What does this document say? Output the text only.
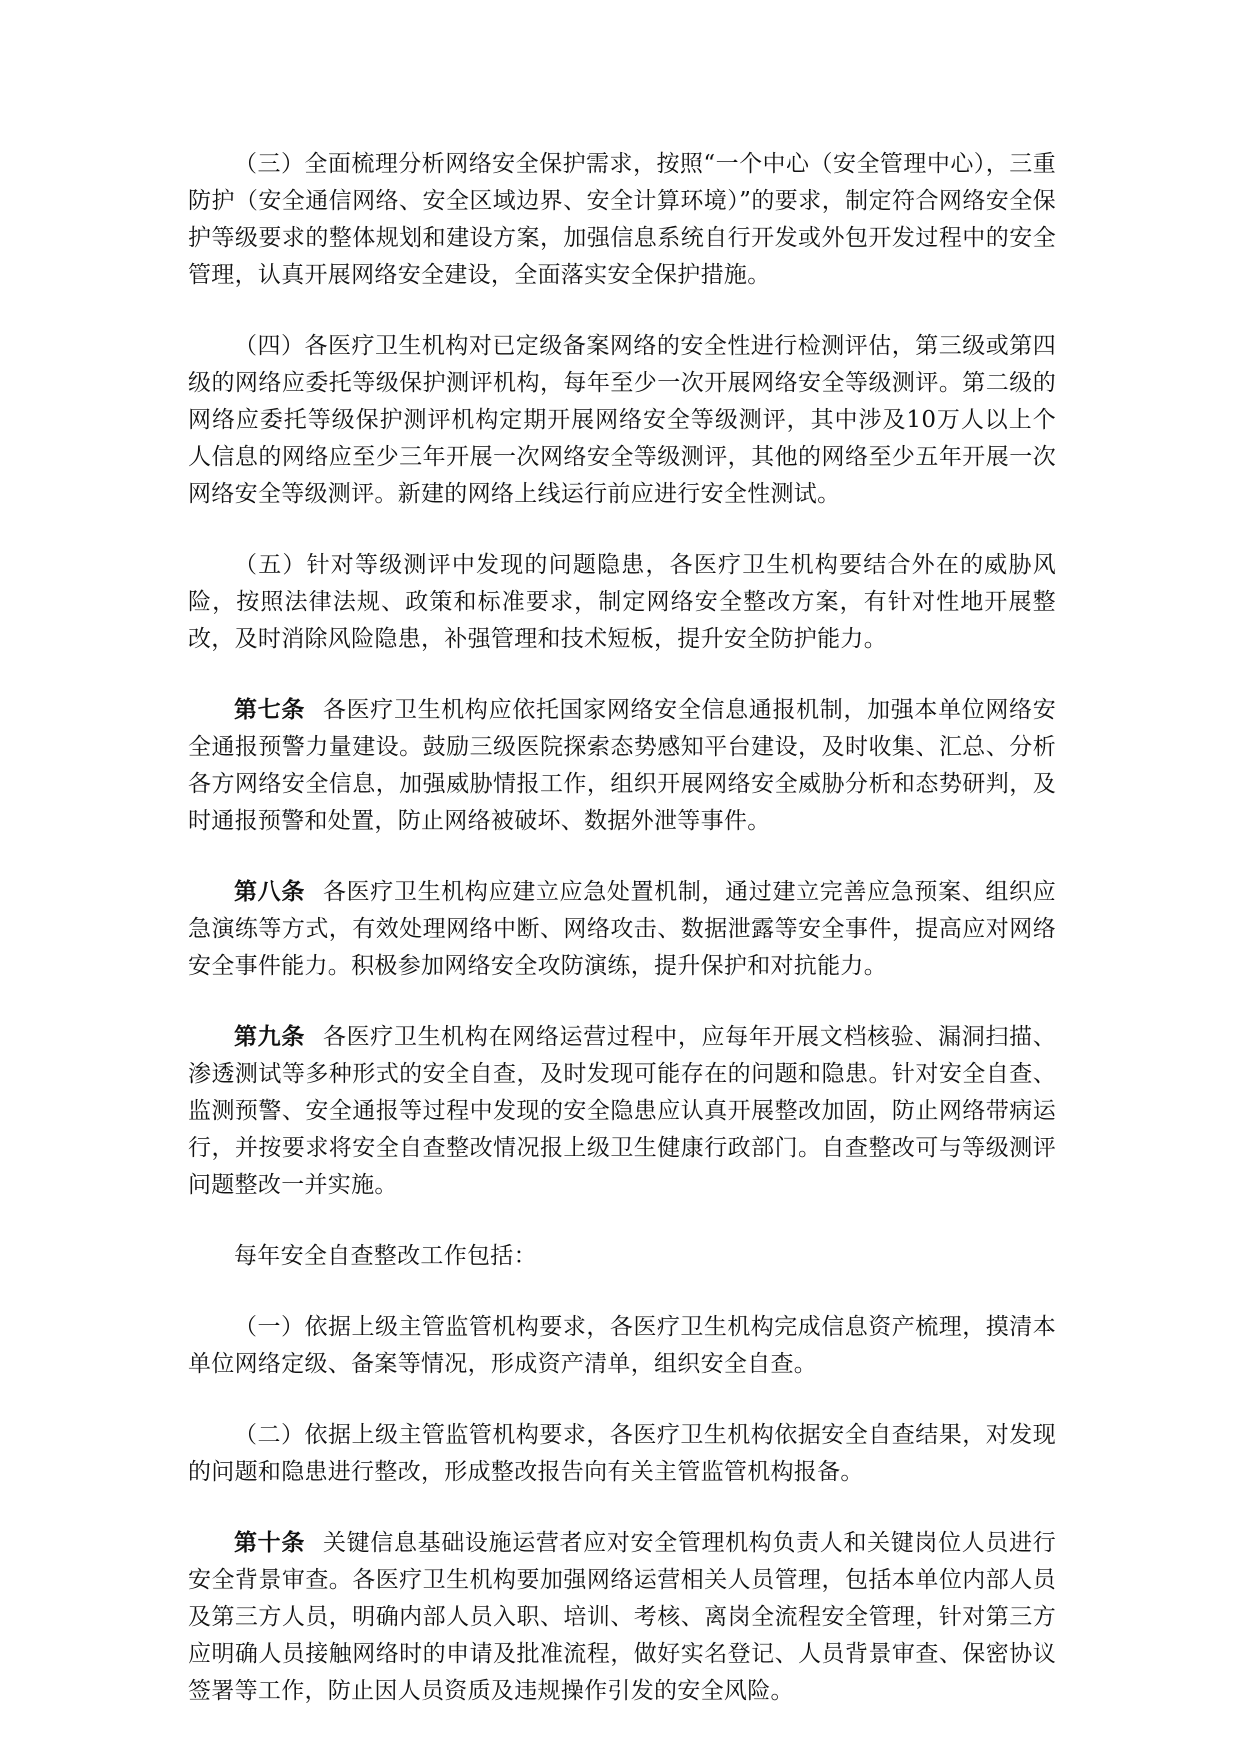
（三）全面梳理分析网络安全保护需求，按照“一个中心（安全管理中心），三重防护（安全通信网络、安全区域边界、安全计算环境）”的要求，制定符合网络安全保护等级要求的整体规划和建设方案，加强信息系统自行开发或外包开发过程中的安全管理，认真开展网络安全建设，全面落实安全保护措施。

（四）各医疗卫生机构对已定级备案网络的安全性进行检测评估，第三级或第四级的网络应委托等级保护测评机构，每年至少一次开展网络安全等级测评。第二级的网络应委托等级保护测评机构定期开展网络安全等级测评，其中涉及10万人以上个人信息的网络应至少三年开展一次网络安全等级测评，其他的网络至少五年开展一次网络安全等级测评。新建的网络上线运行前应进行安全性测试。

（五）针对等级测评中发现的问题隐患，各医疗卫生机构要结合外在的威胁风险，按照法律法规、政策和标准要求，制定网络安全整改方案，有针对性地开展整改，及时消除风险隐患，补强管理和技术短板，提升安全防护能力。

第七条 各医疗卫生机构应依托国家网络安全信息通报机制，加强本单位网络安全通报预警力量建设。鼓励三级医院探索态势感知平台建设，及时收集、汇总、分析各方网络安全信息，加强威胁情报工作，组织开展网络安全威胁分析和态势研判，及时通报预警和处置，防止网络被破坏、数据外泄等事件。

第八条 各医疗卫生机构应建立应急处置机制，通过建立完善应急预案、组织应急演练等方式，有效处理网络中断、网络攻击、数据泄露等安全事件，提高应对网络安全事件能力。积极参加网络安全攻防演练，提升保护和对抗能力。

第九条 各医疗卫生机构在网络运营过程中，应每年开展文档核验、漏洞扫描、渗透测试等多种形式的安全自查，及时发现可能存在的问题和隐患。针对安全自查、监测预警、安全通报等过程中发现的安全隐患应认真开展整改加固，防止网络带病运行，并按要求将安全自查整改情况报上级卫生健康行政部门。自查整改可与等级测评问题整改一并实施。

每年安全自查整改工作包括：

（一）依据上级主管监管机构要求，各医疗卫生机构完成信息资产梳理，摸清本单位网络定级、备案等情况，形成资产清单，组织安全自查。

（二）依据上级主管监管机构要求，各医疗卫生机构依据安全自查结果，对发现的问题和隐患进行整改，形成整改报告向有关主管监管机构报备。

第十条 关键信息基础设施运营者应对安全管理机构负责人和关键岗位人员进行安全背景审查。各医疗卫生机构要加强网络运营相关人员管理，包括本单位内部人员及第三方人员，明确内部人员入职、培训、考核、离岗全流程安全管理，针对第三方应明确人员接触网络时的申请及批准流程，做好实名登记、人员背景审查、保密协议签署等工作，防止因人员资质及违规操作引发的安全风险。
